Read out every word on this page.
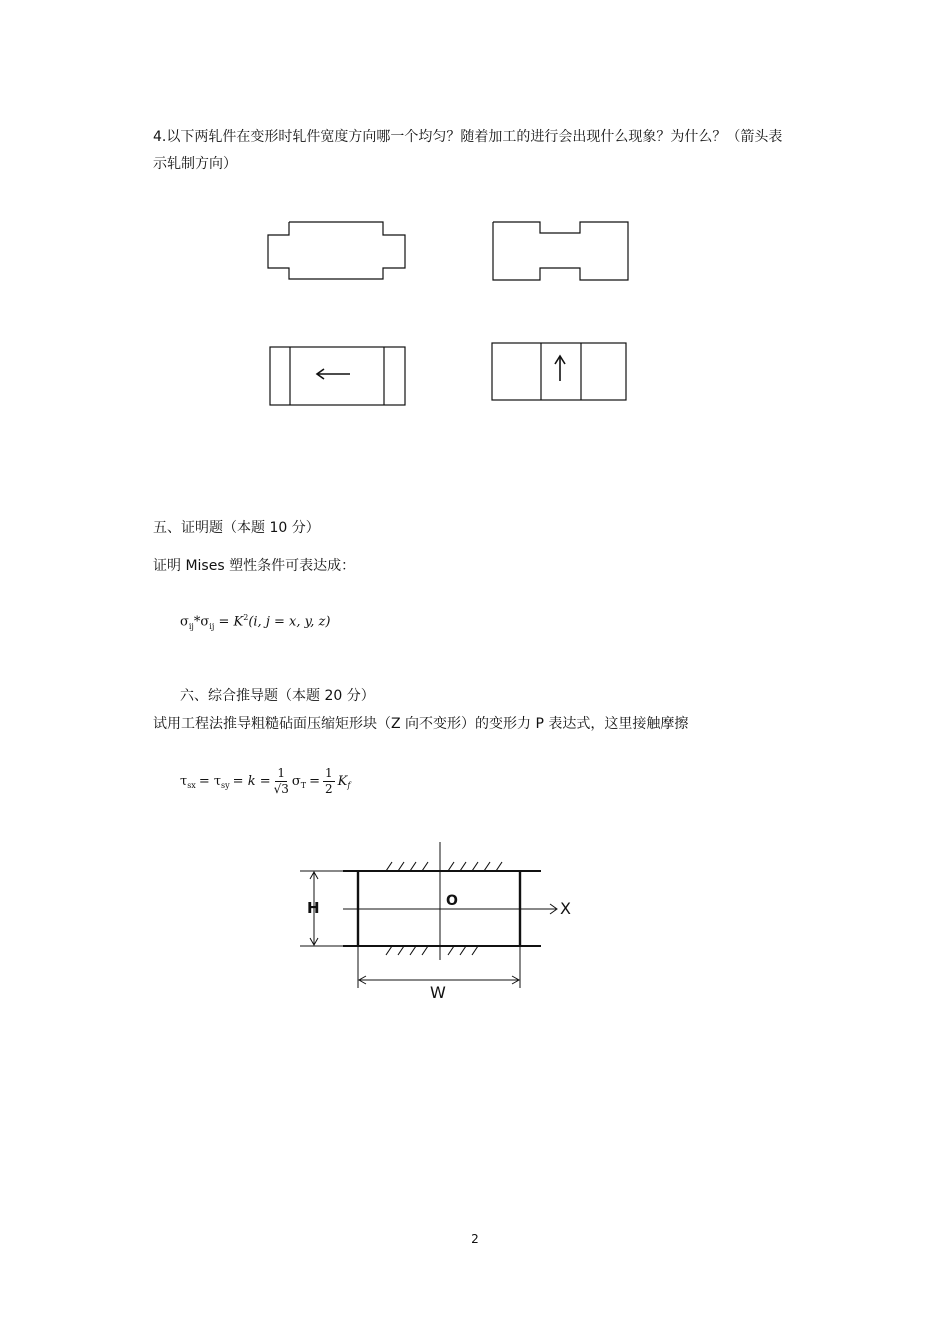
4.以下两轧件在变形时轧件宽度方向哪一个均匀？随着加工的进行会出现什么现象？为什么？（箭头表
示轧制方向）
五、证明题（本题 10 分）
证明 Mises 塑性条件可表达成：
$\sigma_{ij}*\sigma_{ij} = K^2(i$, j = x, y, z)
六、综合推导题（本题 20 分）
试用工程法推导粗糙砧面压缩矩形块（Z 向不变形）的变形力 P 表达式，这里接触摩擦
$\tau_{sx} = \tau_{sy} = k = \frac{1}{√3} \sigma_T = \frac{1}{2} K_f$
H	O	X
W
2
